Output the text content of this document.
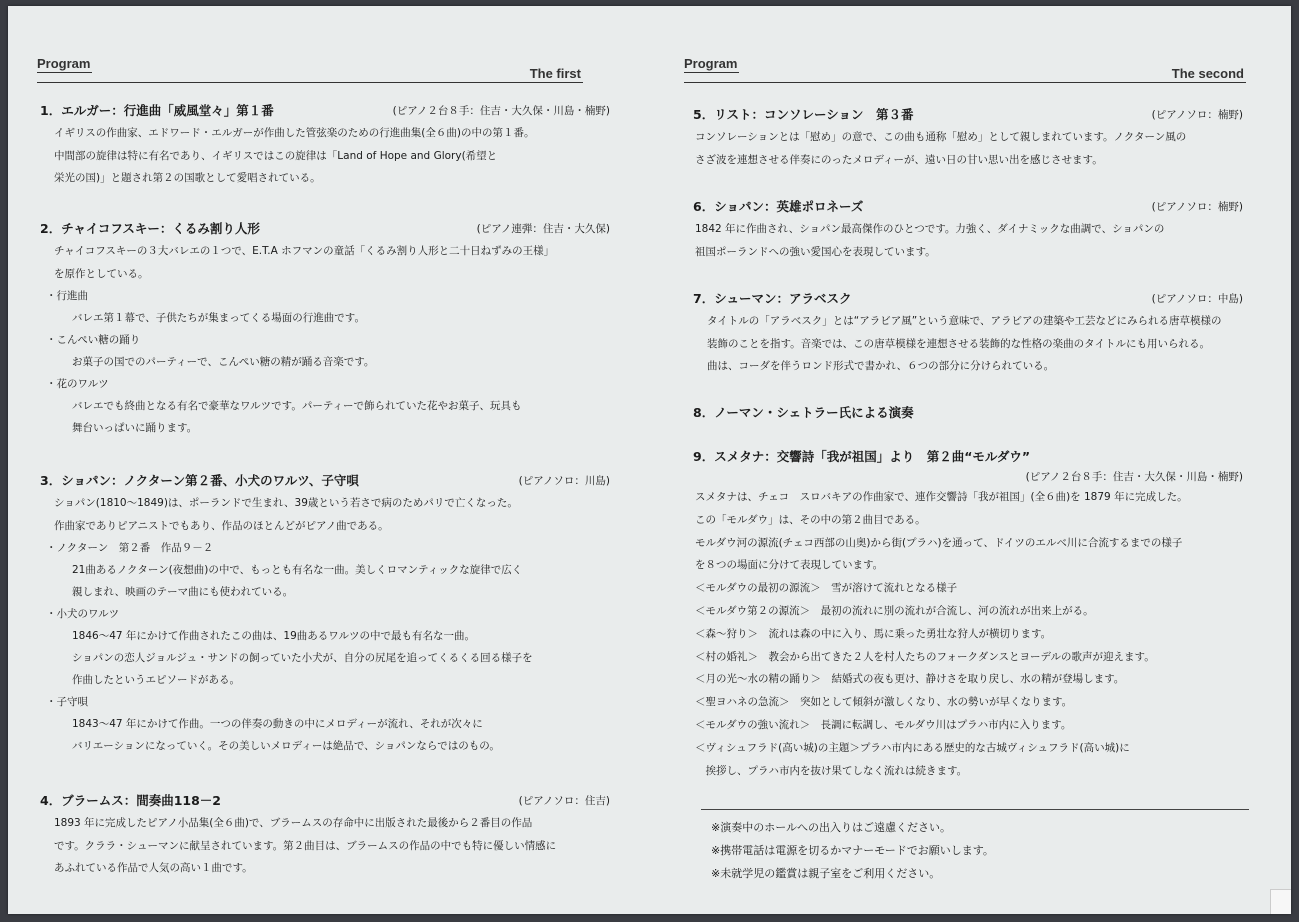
Program
The first
Program
The second
1．エルガー：行進曲「威風堂々」第１番	(ピアノ２台８手：住吉・大久保・川島・楠野)
イギリスの作曲家、エドワード・エルガーが作曲した管弦楽のための行進曲集(全６曲)の中の第１番。
中間部の旋律は特に有名であり、イギリスではこの旋律は「Land of Hope and Glory(希望と
栄光の国)」と題され第２の国歌として愛唱されている。
2．チャイコフスキー：くるみ割り人形	(ピアノ連弾：住吉・大久保)
チャイコフスキーの３大バレエの１つで、E.T.A ホフマンの童話「くるみ割り人形と二十日ねずみの王様」
を原作としている。
・行進曲
バレエ第１幕で、子供たちが集まってくる場面の行進曲です。
・こんぺい糖の踊り
お菓子の国でのパーティーで、こんぺい糖の精が踊る音楽です。
・花のワルツ
バレエでも終曲となる有名で豪華なワルツです。パーティーで飾られていた花やお菓子、玩具も
舞台いっぱいに踊ります。
3．ショパン：ノクターン第２番、小犬のワルツ、子守唄	(ピアノソロ：川島)
ショパン(1810～1849)は、ポーランドで生まれ、39歳という若さで病のためパリで亡くなった。
作曲家でありピアニストでもあり、作品のほとんどがピアノ曲である。
・ノクターン　第２番　作品９－２
21曲あるノクターン(夜想曲)の中で、もっとも有名な一曲。美しくロマンティックな旋律で広く
親しまれ、映画のテーマ曲にも使われている。
・小犬のワルツ
1846～47 年にかけて作曲されたこの曲は、19曲あるワルツの中で最も有名な一曲。
ショパンの恋人ジョルジュ・サンドの飼っていた小犬が、自分の尻尾を追ってくるくる回る様子を
作曲したというエピソードがある。
・子守唄
1843～47 年にかけて作曲。一つの伴奏の動きの中にメロディーが流れ、それが次々に
バリエーションになっていく。その美しいメロディーは絶品で、ショパンならではのもの。
4．ブラームス：間奏曲118－2	(ピアノソロ：住吉)
1893 年に完成したピアノ小品集(全６曲)で、ブラームスの存命中に出版された最後から２番目の作品
です。クララ・シューマンに献呈されています。第２曲目は、ブラームスの作品の中でも特に優しい情感に
あふれている作品で人気の高い１曲です。
5．リスト：コンソレーション　第３番	(ピアノソロ：楠野)
コンソレーションとは「慰め」の意で、この曲も通称「慰め」として親しまれています。ノクターン風の
さざ波を連想させる伴奏にのったメロディーが、遠い日の甘い思い出を感じさせます。
6．ショパン：英雄ポロネーズ	(ピアノソロ：楠野)
1842 年に作曲され、ショパン最高傑作のひとつです。力強く、ダイナミックな曲調で、ショパンの
祖国ポーランドへの強い愛国心を表現しています。
7．シューマン：アラベスク	(ピアノソロ：中島)
タイトルの「アラベスク」とは“アラビア風”という意味で、アラビアの建築や工芸などにみられる唐草模様の
装飾のことを指す。音楽では、この唐草模様を連想させる装飾的な性格の楽曲のタイトルにも用いられる。
曲は、コーダを伴うロンド形式で書かれ、６つの部分に分けられている。
8．ノーマン・シェトラー氏による演奏
9．スメタナ：交響詩「我が祖国」より　第２曲“モルダウ”
(ピアノ２台８手：住吉・大久保・川島・楠野)
スメタナは、チェコ　スロバキアの作曲家で、連作交響詩「我が祖国」(全６曲)を 1879 年に完成した。
この「モルダウ」は、その中の第２曲目である。
モルダウ河の源流(チェコ西部の山奥)から街(プラハ)を通って、ドイツのエルベ川に合流するまでの様子
を８つの場面に分けて表現しています。
＜モルダウの最初の源流＞　雪が溶けて流れとなる様子
＜モルダウ第２の源流＞　最初の流れに別の流れが合流し、河の流れが出来上がる。
＜森～狩り＞　流れは森の中に入り、馬に乗った勇壮な狩人が横切ります。
＜村の婚礼＞　教会から出てきた２人を村人たちのフォークダンスとヨーデルの歌声が迎えます。
＜月の光～水の精の踊り＞　結婚式の夜も更け、静けさを取り戻し、水の精が登場します。
＜聖ヨハネの急流＞　突如として傾斜が激しくなり、水の勢いが早くなります。
＜モルダウの強い流れ＞　長調に転調し、モルダウ川はプラハ市内に入ります。
＜ヴィシュフラド(高い城)の主題＞プラハ市内にある歴史的な古城ヴィシュフラド(高い城)に
　挨拶し、プラハ市内を抜け果てしなく流れは続きます。
※演奏中のホールへの出入りはご遠慮ください。
※携帯電話は電源を切るかマナーモードでお願いします。
※未就学児の鑑賞は親子室をご利用ください。
